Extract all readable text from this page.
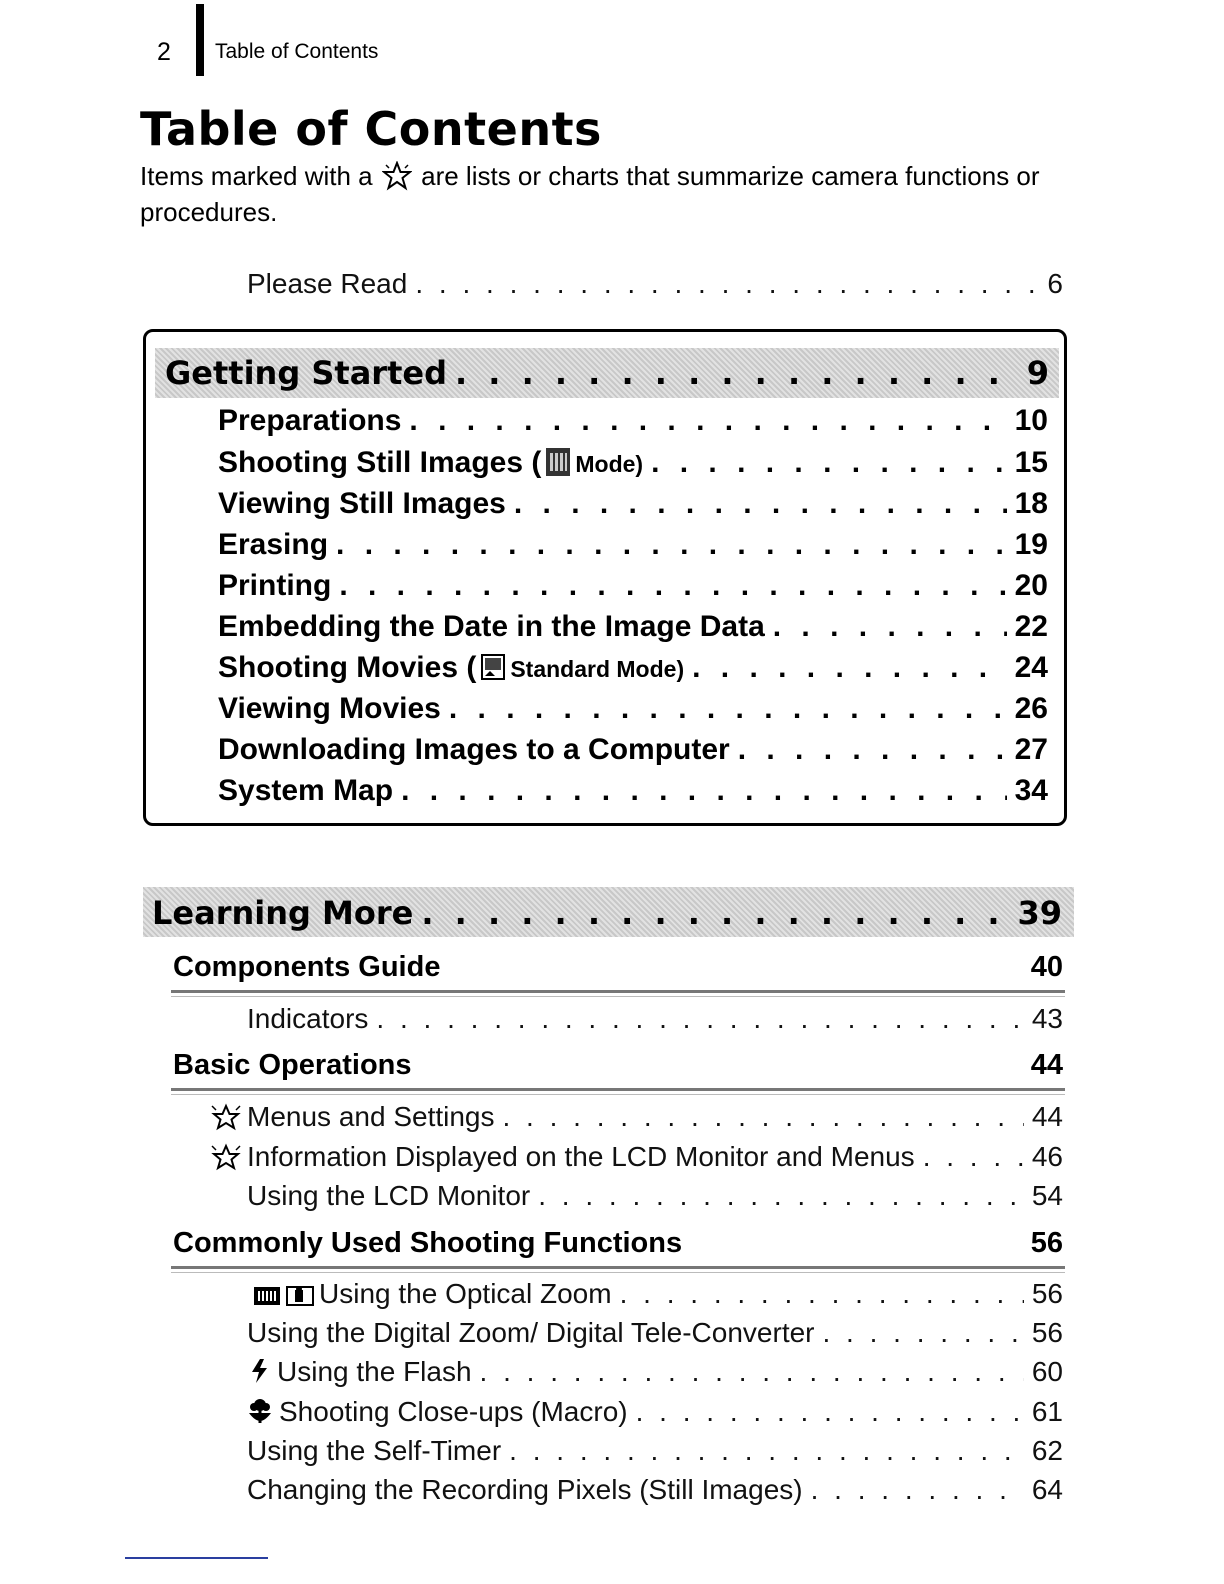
2 Table of Contents
Table of Contents

Items marked with a are lists or charts that summarize camera functions or procedures.

Please Read . . .	6
Getting Started . . .	9
Preparations . . .	10
Shooting Still Images ( Mode) . . .	15
Viewing Still Images . . .	18
Erasing . . .	19
Printing . . .	20
Embedding the Date in the Image Data . . .	22
Shooting Movies ( Standard Mode) . . .	24
Viewing Movies . . .	26
Downloading Images to a Computer . . .	27
System Map . . .	34
Learning More . . .	39
Components Guide	40
Indicators . . .	43
Basic Operations	44
Menus and Settings . . .	44
Information Displayed on the LCD Monitor and Menus . . .	46
Using the LCD Monitor . . .	54
Commonly Used Shooting Functions	56
Using the Optical Zoom . . .	56
Using the Digital Zoom/ Digital Tele-Converter . . .	56
Using the Flash . . .	60
Shooting Close-ups (Macro) . . .	61
Using the Self-Timer . . .	62
Changing the Recording Pixels (Still Images) . . .	64
